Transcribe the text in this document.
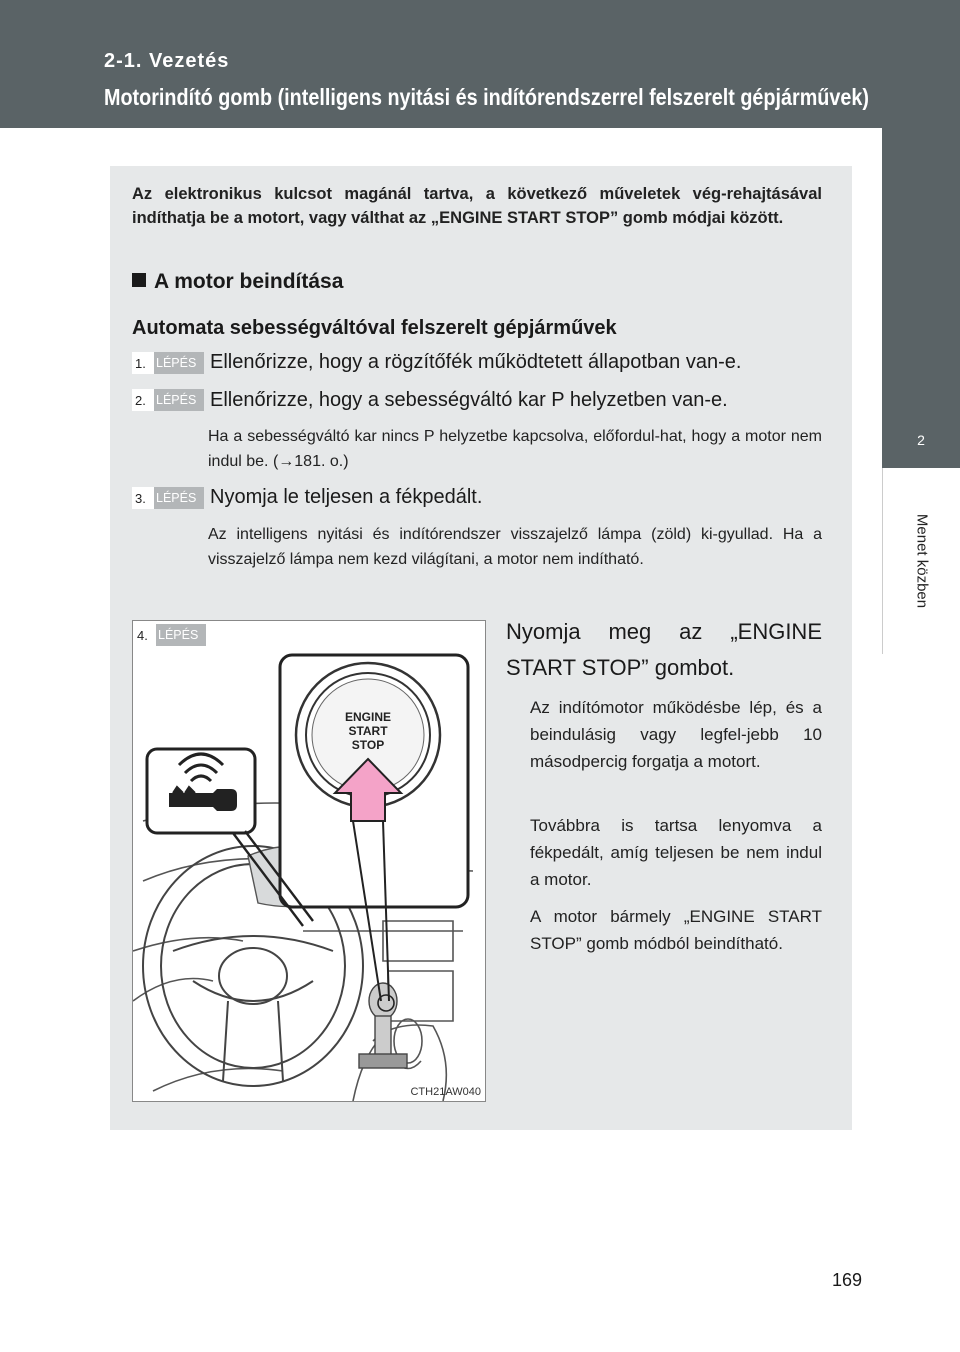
2-1. Vezetés
Motorindító gomb (intelligens nyitási és indítórendszerrel felszerelt gépjárművek)
2
Menet közben
Az elektronikus kulcsot magánál tartva, a következő műveletek vég-rehajtásával indíthatja be a motort, vagy válthat az „ENGINE START STOP” gomb módjai között.
A motor beindítása
Automata sebességváltóval felszerelt gépjárművek
1. LÉPÉS Ellenőrizze, hogy a rögzítőfék működtetett állapotban van-e.
2. LÉPÉS Ellenőrizze, hogy a sebességváltó kar P helyzetben van-e.
Ha a sebességváltó kar nincs P helyzetbe kapcsolva, előfordul-hat, hogy a motor nem indul be. (→181. o.)
3. LÉPÉS Nyomja le teljesen a fékpedált.
Az intelligens nyitási és indítórendszer visszajelző lámpa (zöld) ki-gyullad. Ha a visszajelző lámpa nem kezd világítani, a motor nem indítható.
ENGINE
START
STOP
CTH21AW040
4. LÉPÉS	Nyomja meg az „ENGINE START STOP” gombot.
Az indítómotor működésbe lép, és a beindulásig vagy legfel-jebb 10 másodpercig forgatja a motort.
Továbbra is tartsa lenyomva a fékpedált, amíg teljesen be nem indul a motor.
A motor bármely „ENGINE START STOP” gomb módból beindítható.
169
